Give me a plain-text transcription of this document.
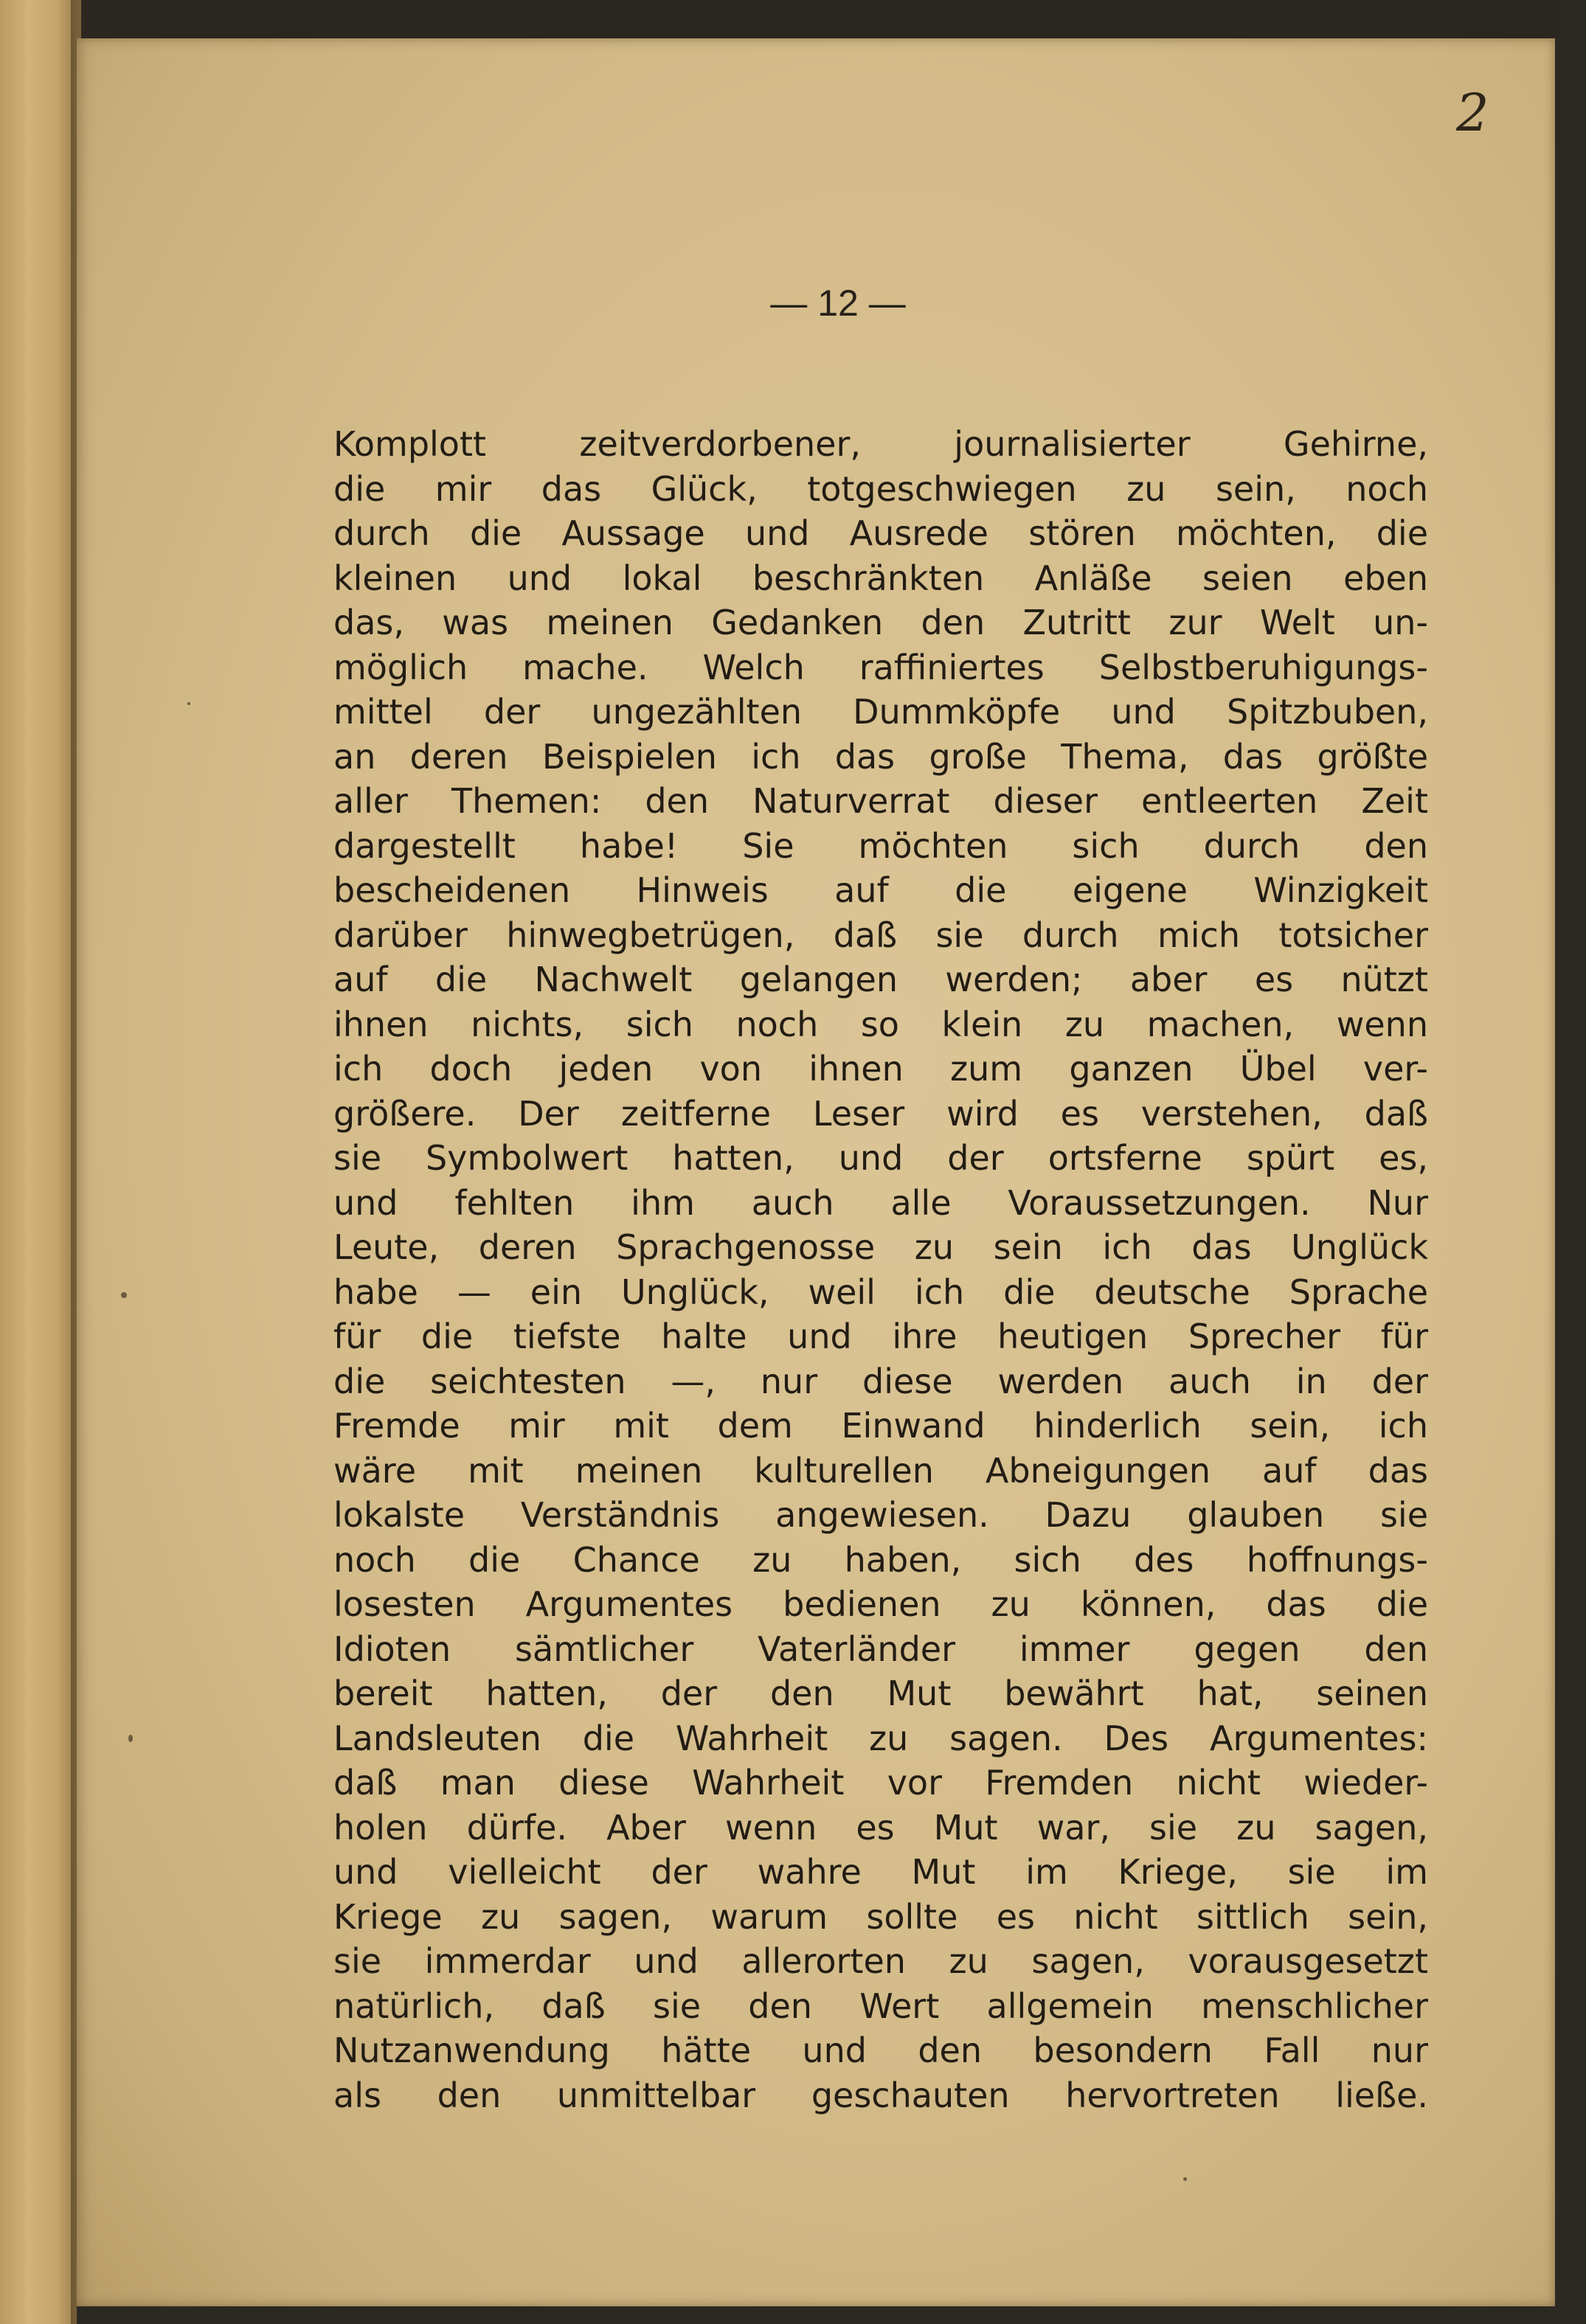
2

— 12 —

Komplott zeitverdorbener, journalisierter Gehirne,
die mir das Glück, totgeschwiegen zu sein, noch
durch die Aussage und Ausrede stören möchten, die
kleinen und lokal beschränkten Anläße seien eben
das, was meinen Gedanken den Zutritt zur Welt un-
möglich mache. Welch raffiniertes Selbstberuhigungs-
mittel der ungezählten Dummköpfe und Spitzbuben,
an deren Beispielen ich das große Thema, das größte
aller Themen: den Naturverrat dieser entleerten Zeit
dargestellt habe! Sie möchten sich durch den
bescheidenen Hinweis auf die eigene Winzigkeit
darüber hinwegbetrügen, daß sie durch mich totsicher
auf die Nachwelt gelangen werden; aber es nützt
ihnen nichts, sich noch so klein zu machen, wenn
ich doch jeden von ihnen zum ganzen Übel ver-
größere. Der zeitferne Leser wird es verstehen, daß
sie Symbolwert hatten, und der ortsferne spürt es,
und fehlten ihm auch alle Voraussetzungen. Nur
Leute, deren Sprachgenosse zu sein ich das Unglück
habe — ein Unglück, weil ich die deutsche Sprache
für die tiefste halte und ihre heutigen Sprecher für
die seichtesten —, nur diese werden auch in der
Fremde mir mit dem Einwand hinderlich sein, ich
wäre mit meinen kulturellen Abneigungen auf das
lokalste Verständnis angewiesen. Dazu glauben sie
noch die Chance zu haben, sich des hoffnungs-
losesten Argumentes bedienen zu können, das die
Idioten sämtlicher Vaterländer immer gegen den
bereit hatten, der den Mut bewährt hat, seinen
Landsleuten die Wahrheit zu sagen. Des Argumentes:
daß man diese Wahrheit vor Fremden nicht wieder-
holen dürfe. Aber wenn es Mut war, sie zu sagen,
und vielleicht der wahre Mut im Kriege, sie im
Kriege zu sagen, warum sollte es nicht sittlich sein,
sie immerdar und allerorten zu sagen, vorausgesetzt
natürlich, daß sie den Wert allgemein menschlicher
Nutzanwendung hätte und den besondern Fall nur
als den unmittelbar geschauten hervortreten ließe.
